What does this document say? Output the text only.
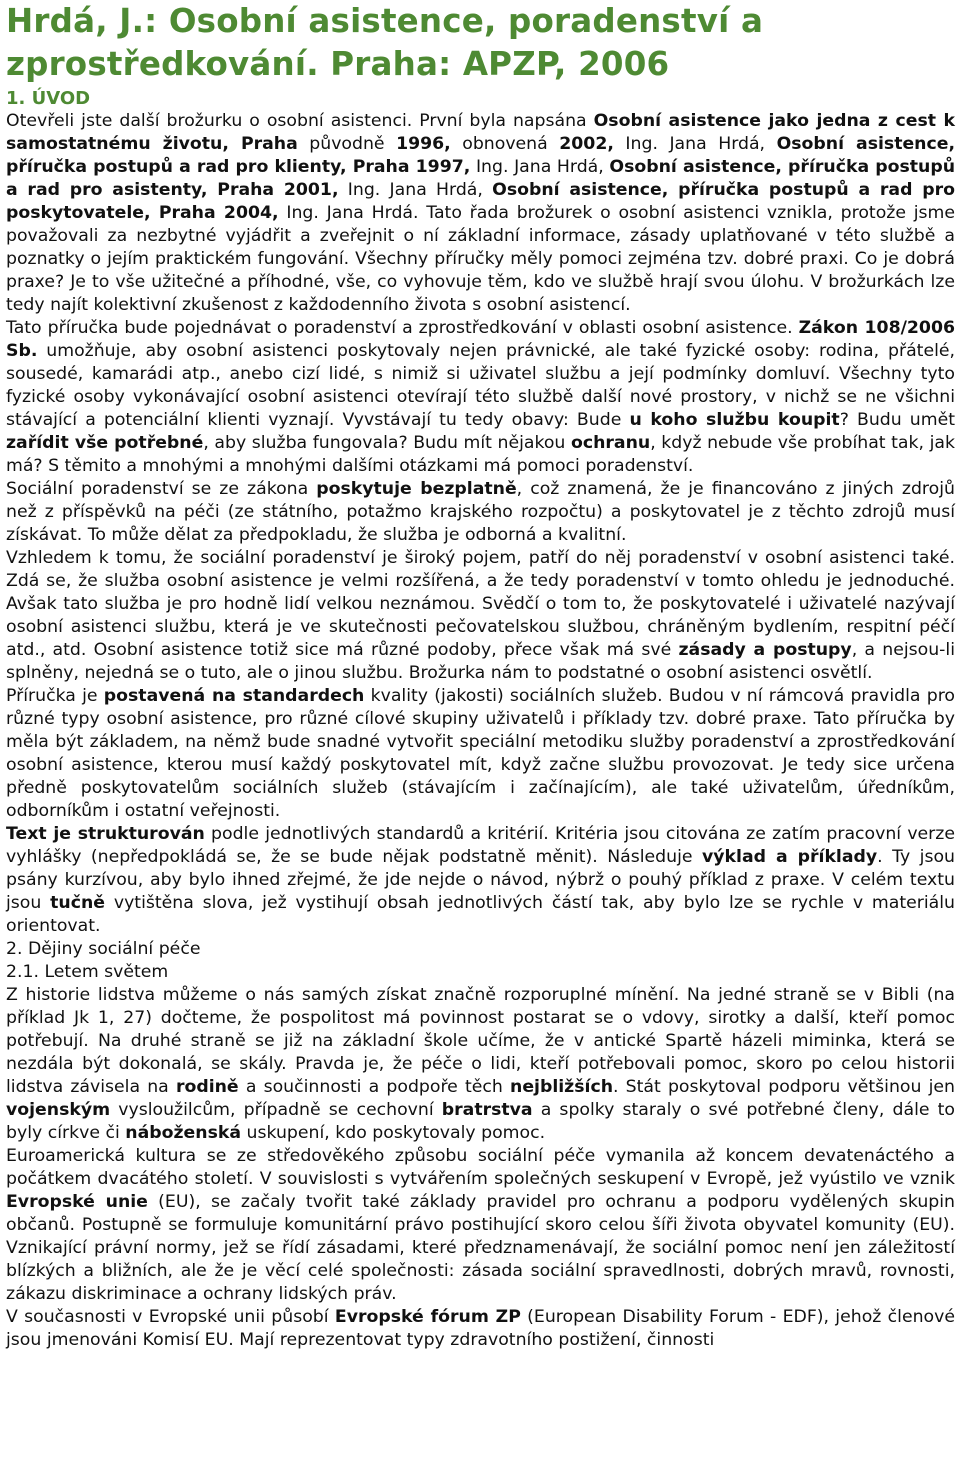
Hrdá, J.: Osobní asistence, poradenství a zprostředkování. Praha: APZP, 2006
1. ÚVOD
Otevřeli jste další brožurku o osobní asistenci. První byla napsána Osobní asistence jako jedna z cest k samostatnému životu, Praha původně 1996, obnovená 2002, Ing. Jana Hrdá, Osobní asistence, příručka postupů a rad pro klienty, Praha 1997, Ing. Jana Hrdá, Osobní asistence, příručka postupů a rad pro asistenty, Praha 2001, Ing. Jana Hrdá, Osobní asistence, příručka postupů a rad pro poskytovatele, Praha 2004, Ing. Jana Hrdá. Tato řada brožurek o osobní asistenci vznikla, protože jsme považovali za nezbytné vyjádřit a zveřejnit o ní základní informace, zásady uplatňované v této službě a poznatky o jejím praktickém fungování. Všechny příručky měly pomoci zejména tzv. dobré praxi. Co je dobrá praxe? Je to vše užitečné a příhodné, vše, co vyhovuje těm, kdo ve službě hrají svou úlohu. V brožurkách lze tedy najít kolektivní zkušenost z každodenního života s osobní asistencí.
Tato příručka bude pojednávat o poradenství a zprostředkování v oblasti osobní asistence. Zákon 108/2006 Sb. umožňuje, aby osobní asistenci poskytovaly nejen právnické, ale také fyzické osoby: rodina, přátelé, sousedé, kamarádi atp., anebo cizí lidé, s nimiž si uživatel službu a její podmínky domluví. Všechny tyto fyzické osoby vykonávající osobní asistenci otevírají této službě další nové prostory, v nichž se ne všichni stávající a potenciální klienti vyznají. Vyvstávají tu tedy obavy: Bude u koho službu koupit? Budu umět zařídit vše potřebné, aby služba fungovala? Budu mít nějakou ochranu, když nebude vše probíhat tak, jak má? S těmito a mnohými a mnohými dalšími otázkami má pomoci poradenství.
Sociální poradenství se ze zákona poskytuje bezplatně, což znamená, že je financováno z jiných zdrojů než z příspěvků na péči (ze státního, potažmo krajského rozpočtu) a poskytovatel je z těchto zdrojů musí získávat. To může dělat za předpokladu, že služba je odborná a kvalitní.
Vzhledem k tomu, že sociální poradenství je široký pojem, patří do něj poradenství v osobní asistenci také. Zdá se, že služba osobní asistence je velmi rozšířená, a že tedy poradenství v tomto ohledu je jednoduché. Avšak tato služba je pro hodně lidí velkou neznámou. Svědčí o tom to, že poskytovatelé i uživatelé nazývají osobní asistenci službu, která je ve skutečnosti pečovatelskou službou, chráněným bydlením, respitní péčí atd., atd. Osobní asistence totiž sice má různé podoby, přece však má své zásady a postupy, a nejsou-li splněny, nejedná se o tuto, ale o jinou službu. Brožurka nám to podstatné o osobní asistenci osvětlí.
Příručka je postavená na standardech kvality (jakosti) sociálních služeb. Budou v ní rámcová pravidla pro různé typy osobní asistence, pro různé cílové skupiny uživatelů i příklady tzv. dobré praxe. Tato příručka by měla být základem, na němž bude snadné vytvořit speciální metodiku služby poradenství a zprostředkování osobní asistence, kterou musí každý poskytovatel mít, když začne službu provozovat. Je tedy sice určena předně poskytovatelům sociálních služeb (stávajícím i začínajícím), ale také uživatelům, úředníkům, odborníkům i ostatní veřejnosti.
Text je strukturován podle jednotlivých standardů a kritérií. Kritéria jsou citována ze zatím pracovní verze vyhlášky (nepředpokládá se, že se bude nějak podstatně měnit). Následuje výklad a příklady. Ty jsou psány kurzívou, aby bylo ihned zřejmé, že jde nejde o návod, nýbrž o pouhý příklad z praxe. V celém textu jsou tučně vytištěna slova, jež vystihují obsah jednotlivých částí tak, aby bylo lze se rychle v materiálu orientovat.
2. Dějiny sociální péče
2.1. Letem světem
Z historie lidstva můžeme o nás samých získat značně rozporuplné mínění. Na jedné straně se v Bibli (na příklad Jk 1, 27) dočteme, že pospolitost má povinnost postarat se o vdovy, sirotky a další, kteří pomoc potřebují. Na druhé straně se již na základní škole učíme, že v antické Spartě házeli miminka, která se nezdála být dokonalá, se skály. Pravda je, že péče o lidi, kteří potřebovali pomoc, skoro po celou historii lidstva závisela na rodině a součinnosti a podpoře těch nejbližších. Stát poskytoval podporu většinou jen vojenským vysloužilcům, případně se cechovní bratrstva a spolky staraly o své potřebné členy, dále to byly církve či náboženská uskupení, kdo poskytovaly pomoc.
Euroamerická kultura se ze středověkého způsobu sociální péče vymanila až koncem devatenáctého a počátkem dvacátého století. V souvislosti s vytvářením společných seskupení v Evropě, jež vyústilo ve vznik Evropské unie (EU), se začaly tvořit také základy pravidel pro ochranu a podporu vydělených skupin občanů. Postupně se formuluje komunitární právo postihující skoro celou šíři života obyvatel komunity (EU). Vznikající právní normy, jež se řídí zásadami, které předznamenávají, že sociální pomoc není jen záležitostí blízkých a bližních, ale že je věcí celé společnosti: zásada sociální spravedlnosti, dobrých mravů, rovnosti, zákazu diskriminace a ochrany lidských práv.
V současnosti v Evropské unii působí Evropské fórum ZP (European Disability Forum - EDF), jehož členové jsou jmenováni Komisí EU. Mají reprezentovat typy zdravotního postižení, činnosti
